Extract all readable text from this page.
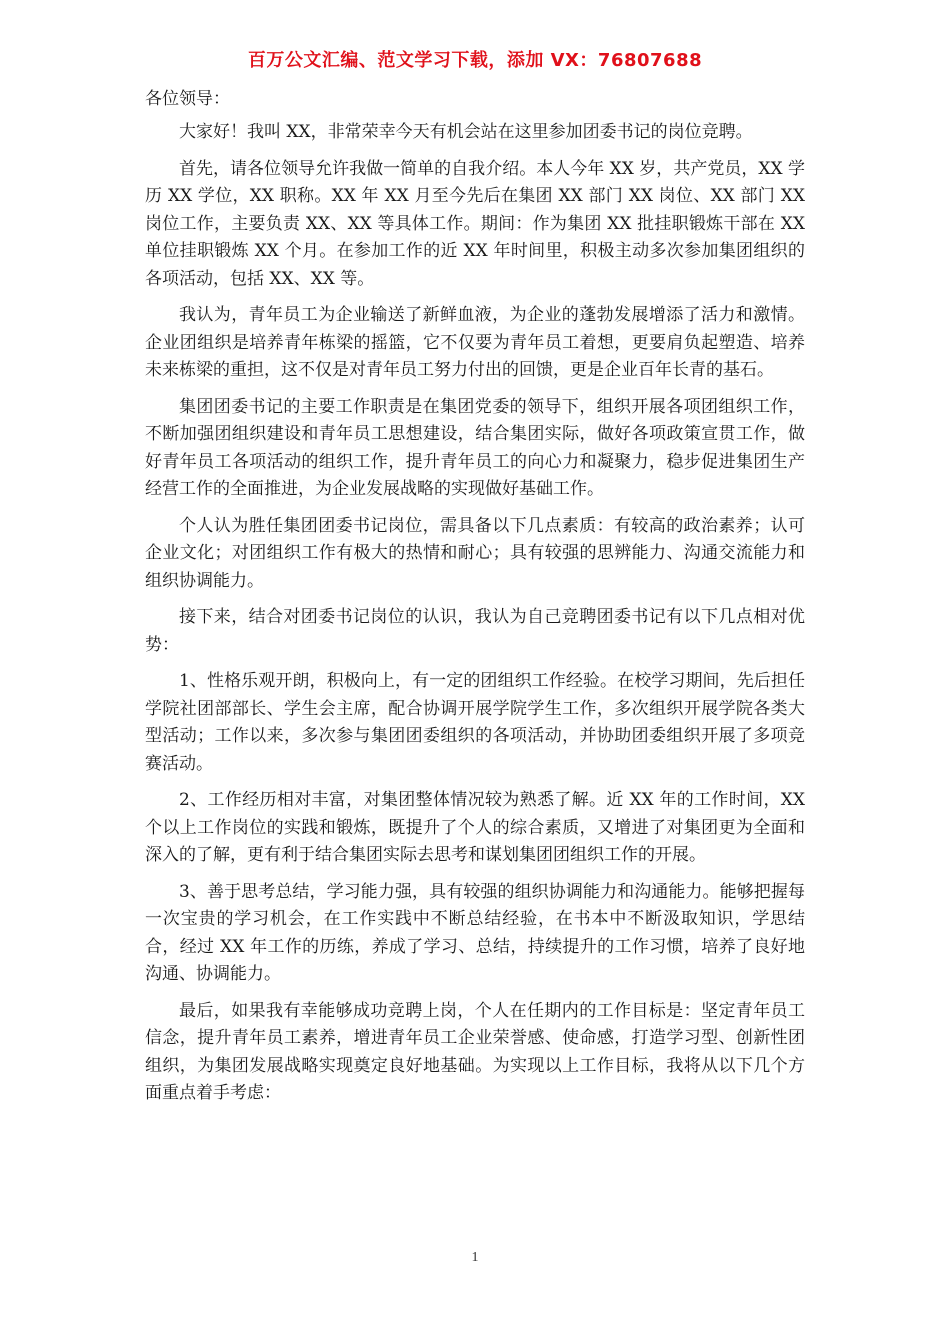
百万公文汇编、范文学习下载，添加 VX：76807688

各位领导：

大家好！我叫 XX，非常荣幸今天有机会站在这里参加团委书记的岗位竞聘。

首先，请各位领导允许我做一简单的自我介绍。本人今年 XX 岁，共产党员，XX 学历 XX 学位，XX 职称。XX 年 XX 月至今先后在集团 XX 部门 XX 岗位、XX 部门 XX 岗位工作，主要负责 XX、XX 等具体工作。期间：作为集团 XX 批挂职锻炼干部在 XX 单位挂职锻炼 XX 个月。在参加工作的近 XX 年时间里，积极主动多次参加集团组织的各项活动，包括 XX、XX 等。

我认为，青年员工为企业输送了新鲜血液，为企业的蓬勃发展增添了活力和激情。企业团组织是培养青年栋梁的摇篮，它不仅要为青年员工着想，更要肩负起塑造、培养未来栋梁的重担，这不仅是对青年员工努力付出的回馈，更是企业百年长青的基石。

集团团委书记的主要工作职责是在集团党委的领导下，组织开展各项团组织工作，不断加强团组织建设和青年员工思想建设，结合集团实际，做好各项政策宣贯工作，做好青年员工各项活动的组织工作，提升青年员工的向心力和凝聚力，稳步促进集团生产经营工作的全面推进，为企业发展战略的实现做好基础工作。

个人认为胜任集团团委书记岗位，需具备以下几点素质：有较高的政治素养；认可企业文化；对团组织工作有极大的热情和耐心；具有较强的思辨能力、沟通交流能力和组织协调能力。

接下来，结合对团委书记岗位的认识，我认为自己竞聘团委书记有以下几点相对优势：

1、性格乐观开朗，积极向上，有一定的团组织工作经验。在校学习期间，先后担任学院社团部部长、学生会主席，配合协调开展学院学生工作，多次组织开展学院各类大型活动；工作以来，多次参与集团团委组织的各项活动，并协助团委组织开展了多项竞赛活动。

2、工作经历相对丰富，对集团整体情况较为熟悉了解。近 XX 年的工作时间，XX 个以上工作岗位的实践和锻炼，既提升了个人的综合素质，又增进了对集团更为全面和深入的了解，更有利于结合集团实际去思考和谋划集团团组织工作的开展。

3、善于思考总结，学习能力强，具有较强的组织协调能力和沟通能力。能够把握每一次宝贵的学习机会，在工作实践中不断总结经验，在书本中不断汲取知识，学思结合，经过 XX 年工作的历练，养成了学习、总结，持续提升的工作习惯，培养了良好地沟通、协调能力。

最后，如果我有幸能够成功竞聘上岗，个人在任期内的工作目标是：坚定青年员工信念，提升青年员工素养，增进青年员工企业荣誉感、使命感，打造学习型、创新性团组织，为集团发展战略实现奠定良好地基础。为实现以上工作目标，我将从以下几个方面重点着手考虑：

1
